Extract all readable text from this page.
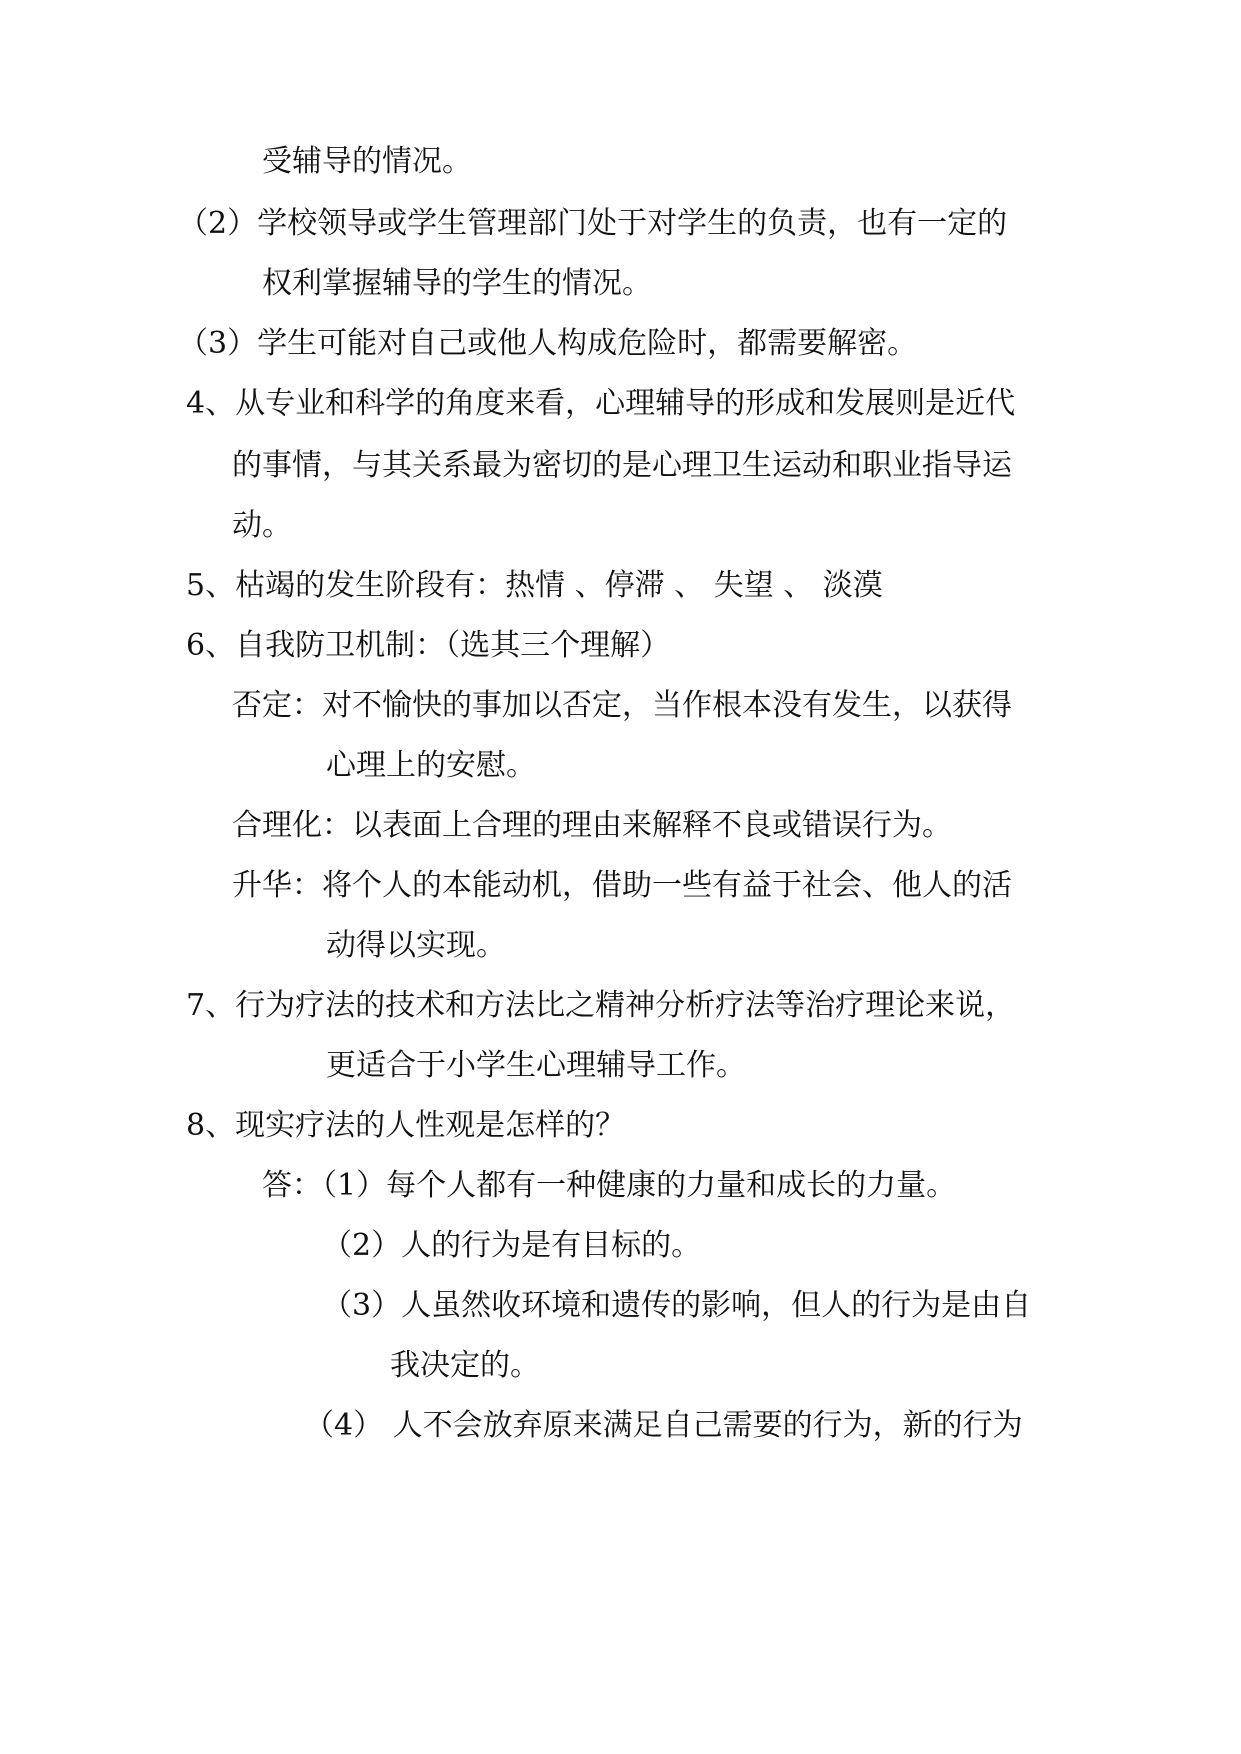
受辅导的情况。
（2）学校领导或学生管理部门处于对学生的负责，也有一定的
权利掌握辅导的学生的情况。
（3）学生可能对自己或他人构成危险时，都需要解密。
4、从专业和科学的角度来看，心理辅导的形成和发展则是近代
的事情，与其关系最为密切的是心理卫生运动和职业指导运
动。
5、枯竭的发生阶段有：热情 、停滞 、 失望 、 淡漠
6、自我防卫机制：（选其三个理解）
否定：对不愉快的事加以否定，当作根本没有发生，以获得
心理上的安慰。
合理化：以表面上合理的理由来解释不良或错误行为。
升华：将个人的本能动机，借助一些有益于社会、他人的活
动得以实现。
7、行为疗法的技术和方法比之精神分析疗法等治疗理论来说，
更适合于小学生心理辅导工作。
8、现实疗法的人性观是怎样的？
答：（1）每个人都有一种健康的力量和成长的力量。
（2）人的行为是有目标的。
（3）人虽然收环境和遗传的影响，但人的行为是由自
我决定的。
（4） 人不会放弃原来满足自己需要的行为，新的行为
